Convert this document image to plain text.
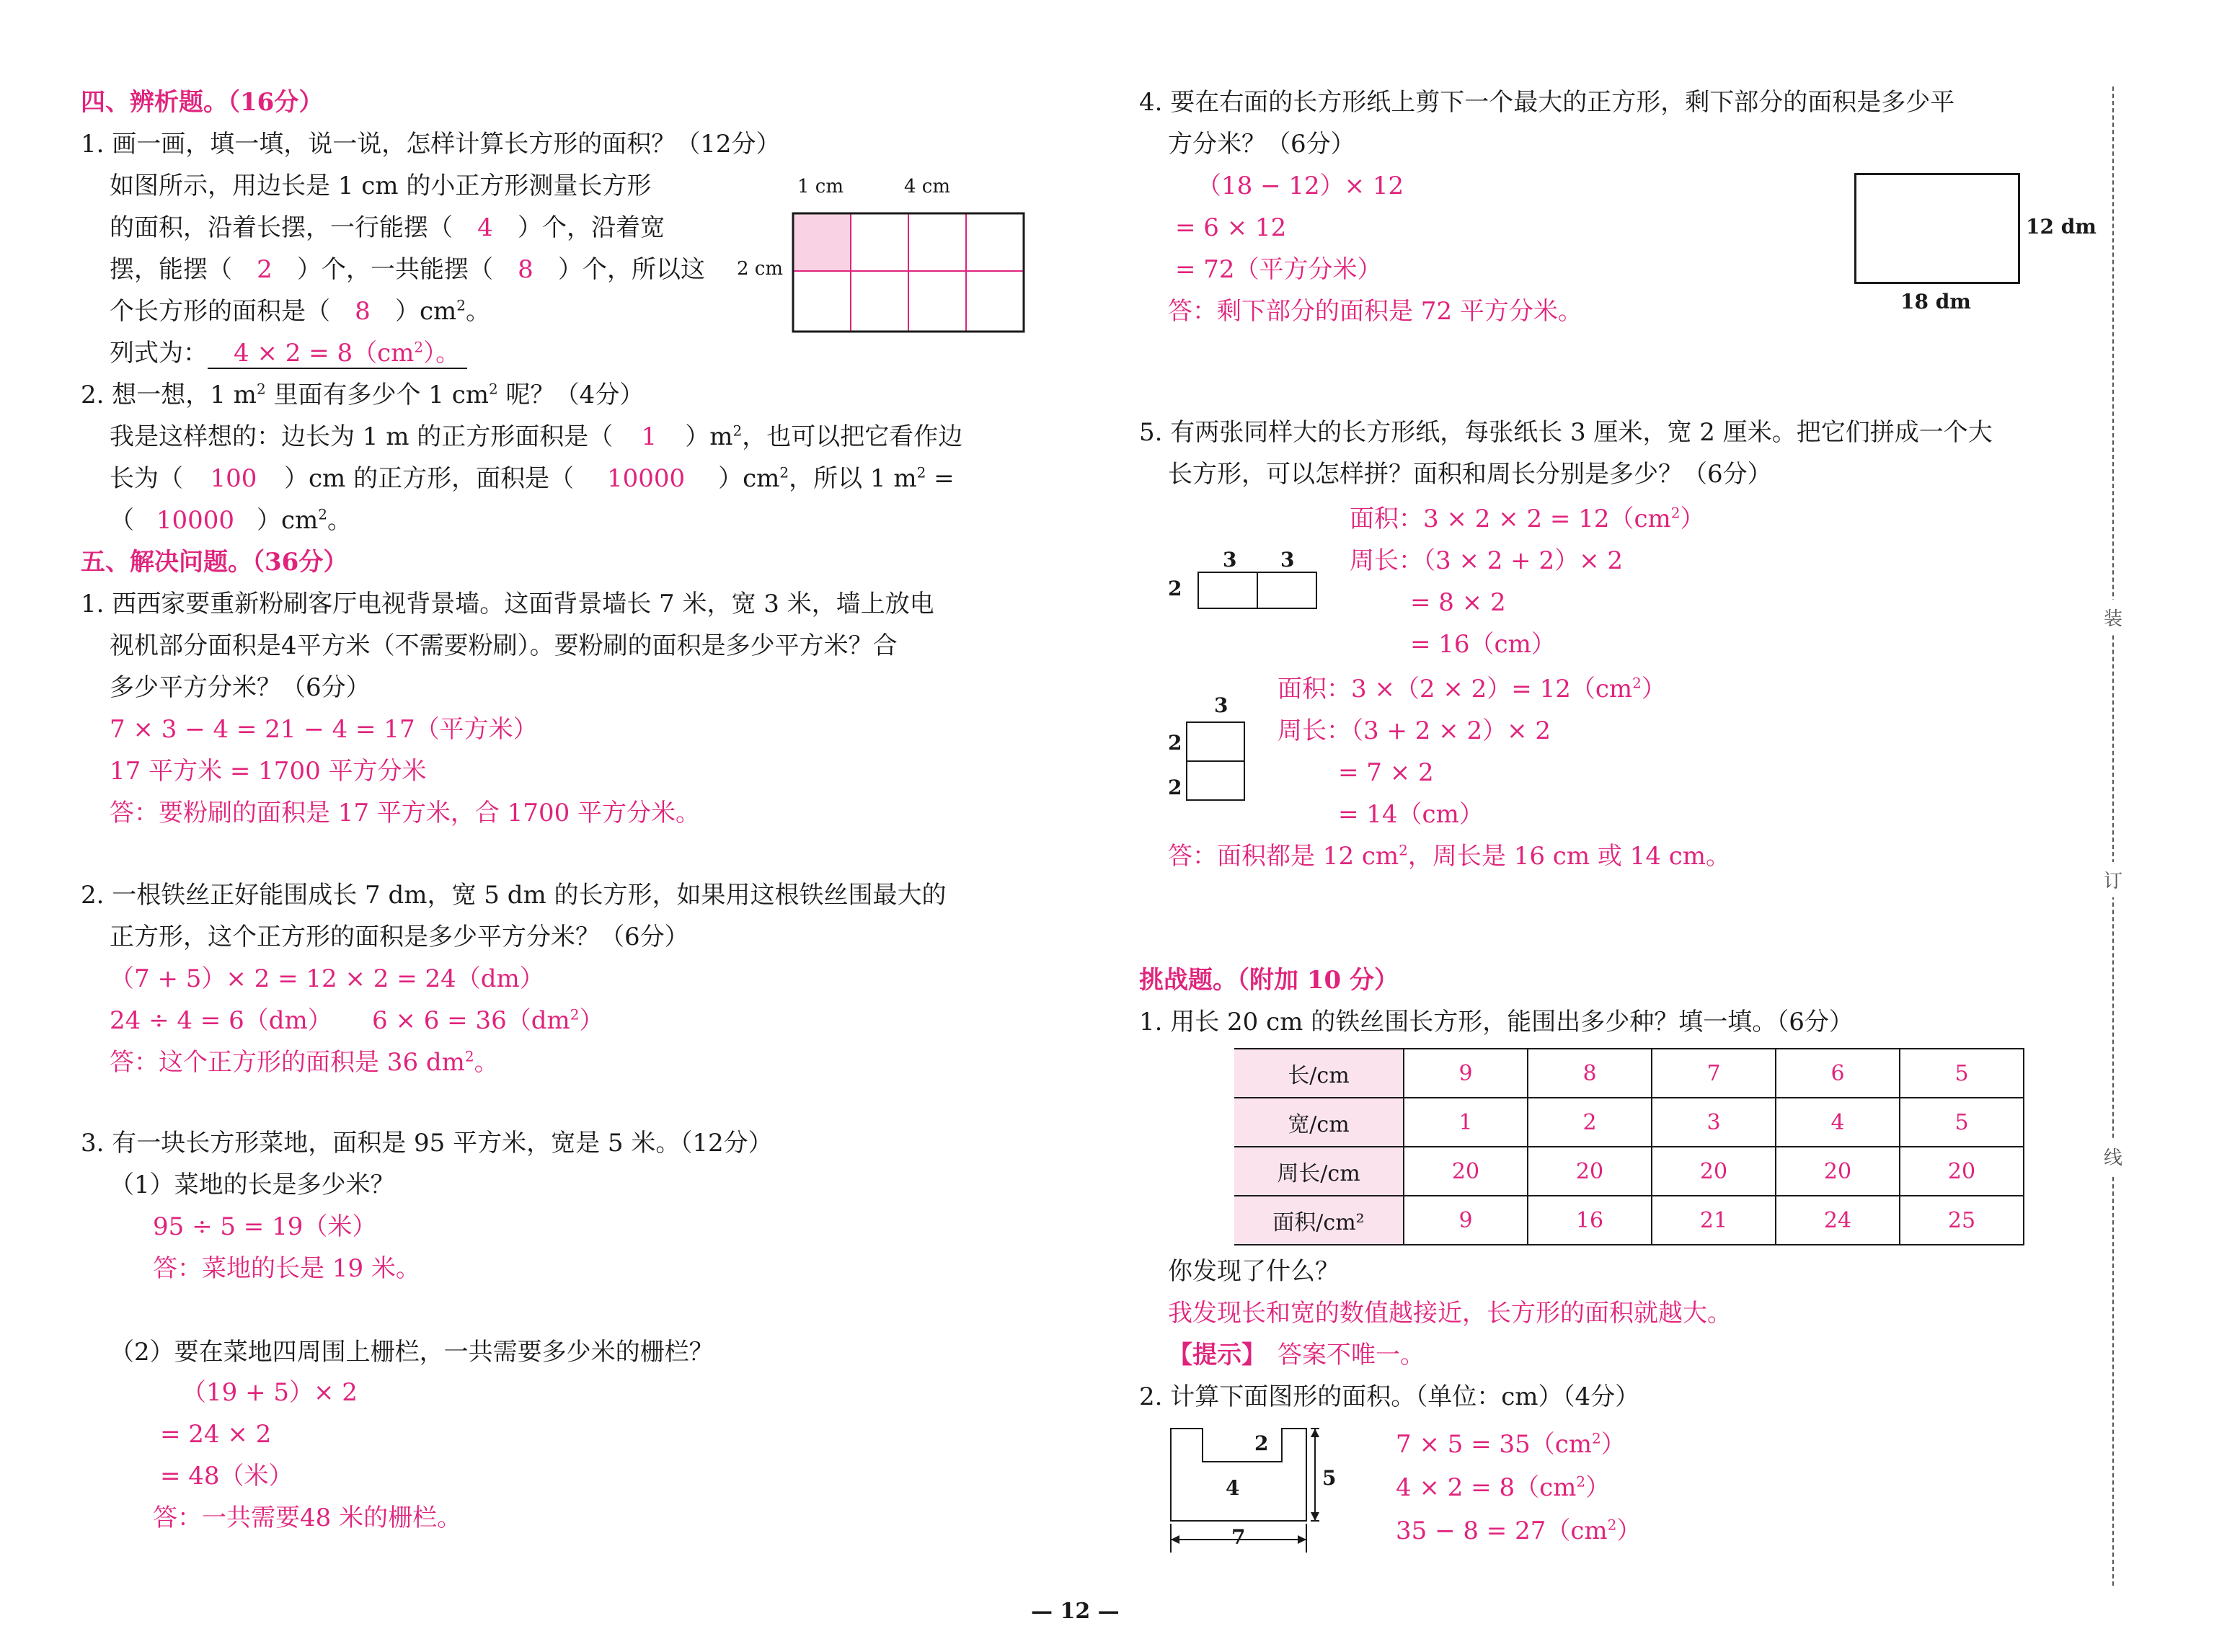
四、辨析题。（16分）
1. 画一画，填一填，说一说，怎样计算长方形的面积？（12分）
如图所示，用边长是 1 cm 的小正方形测量长方形
的面积，沿着长摆，一行能摆（ 4 ）个，沿着宽
摆，能摆（ 2 ）个，一共能摆（ 8 ）个，所以这
个长方形的面积是（ 8 ）$cm^2$。
列式为： $4 \times 2 = 8(cm^2)$。
1 cm	4 cm
2 cm
2. 想一想，1 $m^2$ 里面有多少个 1 $cm^2$ 呢？（4分）
我是这样想的：边长为 1 m 的正方形面积是（ 1 ）$m^2$，也可以把它看作边
长为（ 100 ）cm 的正方形，面积是（ 10000 ）$cm^2$，所以 1 $m^2$ =
（ 10000 ）$cm^2$。
五、解决问题。（36分）
1. 西西家要重新粉刷客厅电视背景墙。这面背景墙长 7 米，宽 3 米，墙上放电
视机部分面积是4平方米（不需要粉刷）。要粉刷的面积是多少平方米？合
多少平方分米？（6分）
7 × 3 − 4 = 21 − 4 = 17（平方米）
17 平方米 = 1700 平方分米
答：要粉刷的面积是 17 平方米，合 1700 平方分米。
2. 一根铁丝正好能围成长 7 dm，宽 5 dm 的长方形，如果用这根铁丝围最大的
正方形，这个正方形的面积是多少平方分米？（6分）
（7 + 5）× 2 = 12 × 2 = 24（dm）
24 ÷ 4 = 6（dm） $6 \times 6 = 36(dm^2)$
答：这个正方形的面积是 36 $dm^2$。
3. 有一块长方形菜地，面积是 95 平方米，宽是 5 米。（12分）
（1）菜地的长是多少米？
95 ÷ 5 = 19（米）
答：菜地的长是 19 米。
（2）要在菜地四周围上栅栏，一共需要多少米的栅栏？
（19 + 5）× 2
= 24 × 2
= 48（米）
答：一共需要48 米的栅栏。
4. 要在右面的长方形纸上剪下一个最大的正方形，剩下部分的面积是多少平
方分米？（6分）
（18 − 12）× 12
= 6 × 12
= 72（平方分米）
答：剩下部分的面积是 72 平方分米。
12 dm
18 dm
5. 有两张同样大的长方形纸，每张纸长 3 厘米，宽 2 厘米。把它们拼成一个大
长方形，可以怎样拼？面积和周长分别是多少？（6分）
面积：$3 \times 2 \times 2 = 12(cm^2)$
周长：（3 × 2 + 2）× 2
= 8 × 2
= 16（cm）
3 3
2
面积：$3 \times(2 \times 2)= 12(cm^2)$
周长：（3 + 2 × 2）× 2
= 7 × 2
= 14（cm）
3
2
2
答：面积都是 12 $cm^2$，周长是 16 cm 或 14 cm。
挑战题。（附加 10 分）
1. 用长 20 cm 的铁丝围长方形，能围出多少种？填一填。（6分）
长/cm	9	8	7	6	5
宽/cm	1	2	3	4	5
周长/cm	20	20	20	20	20
面积/cm²	9	16	21	24	25
你发现了什么？
我发现长和宽的数值越接近，长方形的面积就越大。
【提示】 答案不唯一。
2. 计算下面图形的面积。（单位：cm）（4分）
2
4	5
7
$7 \times 5 = 35(cm^2)$
$4 \times 2 = 8(cm^2)$
$35 - 8 = 27(cm^2)$
装
订
线
— 12 —
